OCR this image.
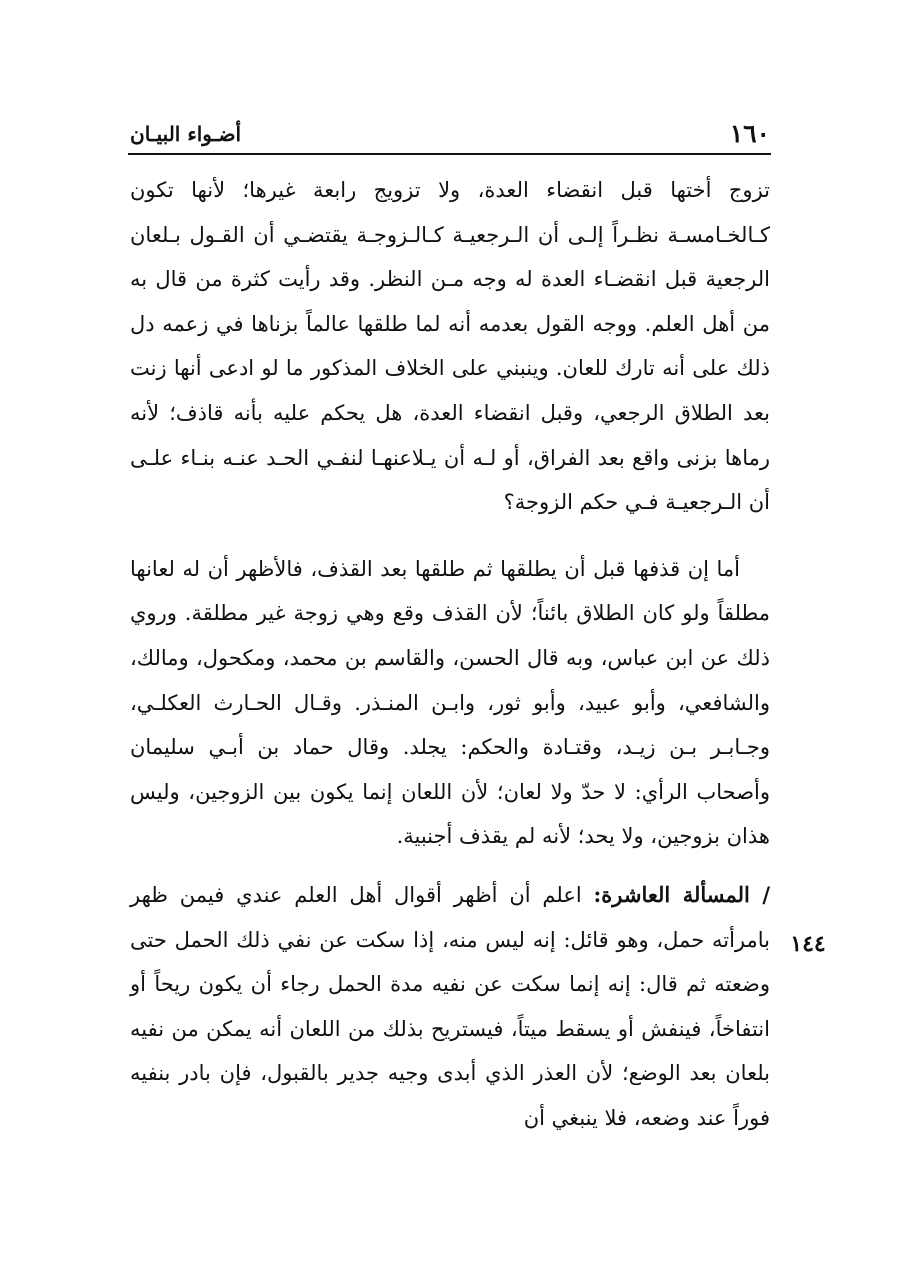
١٦٠
أضـواء البيـان

تزوج أختها قبل انقضاء العدة، ولا تزويج رابعة غيرها؛ لأنها تكون كـالخـامسـة نظـراً إلـى أن الـرجعيـة كـالـزوجـة يقتضـي أن القـول بـلعان الرجعية قبل انقضـاء العدة له وجه مـن النظر. وقد رأيت كثرة من قال به من أهل العلم. ووجه القول بعدمه أنه لما طلقها عالماً بزناها في زعمه دل ذلك على أنه تارك للعان. وينبني على الخلاف المذكور ما لو ادعى أنها زنت بعد الطلاق الرجعي، وقبل انقضاء العدة، هل يحكم عليه بأنه قاذف؛ لأنه رماها بزنى واقع بعد الفراق، أو لـه أن يـلاعنهـا لنفـي الحـد عنـه بنـاء علـى أن الـرجعيـة فـي حكم الزوجة؟

أما إن قذفها قبل أن يطلقها ثم طلقها بعد القذف، فالأظهر أن له لعانها مطلقاً ولو كان الطلاق بائناً؛ لأن القذف وقع وهي زوجة غير مطلقة. وروي ذلك عن ابن عباس، وبه قال الحسن، والقاسم بن محمد، ومكحول، ومالك، والشافعي، وأبو عبيد، وأبو ثور، وابـن المنـذر. وقـال الحـارث العكلـي، وجـابـر بـن زيـد، وقتـادة والحكم: يجلد. وقال حماد بن أبـي سليمان وأصحاب الرأي: لا حدّ ولا لعان؛ لأن اللعان إنما يكون بين الزوجين، وليس هذان بزوجين، ولا يحد؛ لأنه لم يقذف أجنبية.

/ المسألة العاشرة: اعلم أن أظهر أقوال أهل العلم عندي فيمن ظهر بامرأته حمل، وهو قائل: إنه ليس منه، إذا سكت عن نفي ذلك الحمل حتى وضعته ثم قال: إنه إنما سكت عن نفيه مدة الحمل رجاء أن يكون ريحاً أو انتفاخاً، فينفش أو يسقط ميتاً، فيستريح بذلك من اللعان أنه يمكن من نفيه بلعان بعد الوضع؛ لأن العذر الذي أبدى وجيه جدير بالقبول، فإن بادر بنفيه فوراً عند وضعه، فلا ينبغي أن

١٤٤
